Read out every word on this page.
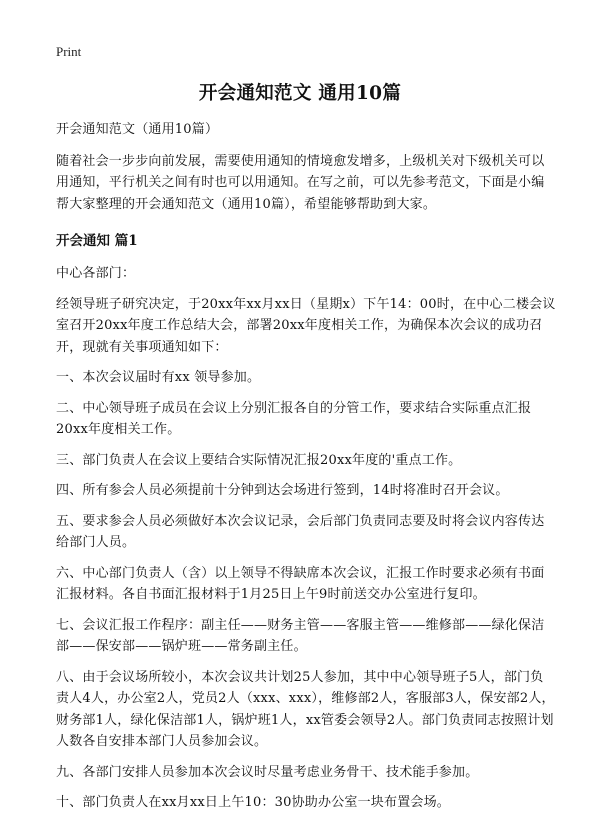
Print
开会通知范文 通用10篇

开会通知范文（通用10篇）

随着社会一步步向前发展，需要使用通知的情境愈发增多，上级机关对下级机关可以用通知，平行机关之间有时也可以用通知。在写之前，可以先参考范文，下面是小编帮大家整理的开会通知范文（通用10篇），希望能够帮助到大家。

开会通知 篇1

中心各部门：

经领导班子研究决定，于20xx年xx月xx日（星期x）下午14：00时，在中心二楼会议室召开20xx年度工作总结大会，部署20xx年度相关工作，为确保本次会议的成功召开，现就有关事项通知如下：

一、本次会议届时有xx 领导参加。

二、中心领导班子成员在会议上分别汇报各自的分管工作，要求结合实际重点汇报20xx年度相关工作。

三、部门负责人在会议上要结合实际情况汇报20xx年度的'重点工作。

四、所有参会人员必须提前十分钟到达会场进行签到，14时将准时召开会议。

五、要求参会人员必须做好本次会议记录，会后部门负责同志要及时将会议内容传达给部门人员。

六、中心部门负责人（含）以上领导不得缺席本次会议，汇报工作时要求必须有书面汇报材料。各自书面汇报材料于1月25日上午9时前送交办公室进行复印。

七、会议汇报工作程序：副主任——财务主管——客服主管——维修部——绿化保洁部——保安部——锅炉班——常务副主任。

八、由于会议场所较小，本次会议共计划25人参加，其中中心领导班子5人，部门负责人4人，办公室2人，党员2人（xxx、xxx），维修部2人，客服部3人，保安部2人，财务部1人，绿化保洁部1人，锅炉班1人，xx管委会领导2人。部门负责同志按照计划人数各自安排本部门人员参加会议。

九、各部门安排人员参加本次会议时尽量考虑业务骨干、技术能手参加。

十、部门负责人在xx月xx日上午10：30协助办公室一块布置会场。
